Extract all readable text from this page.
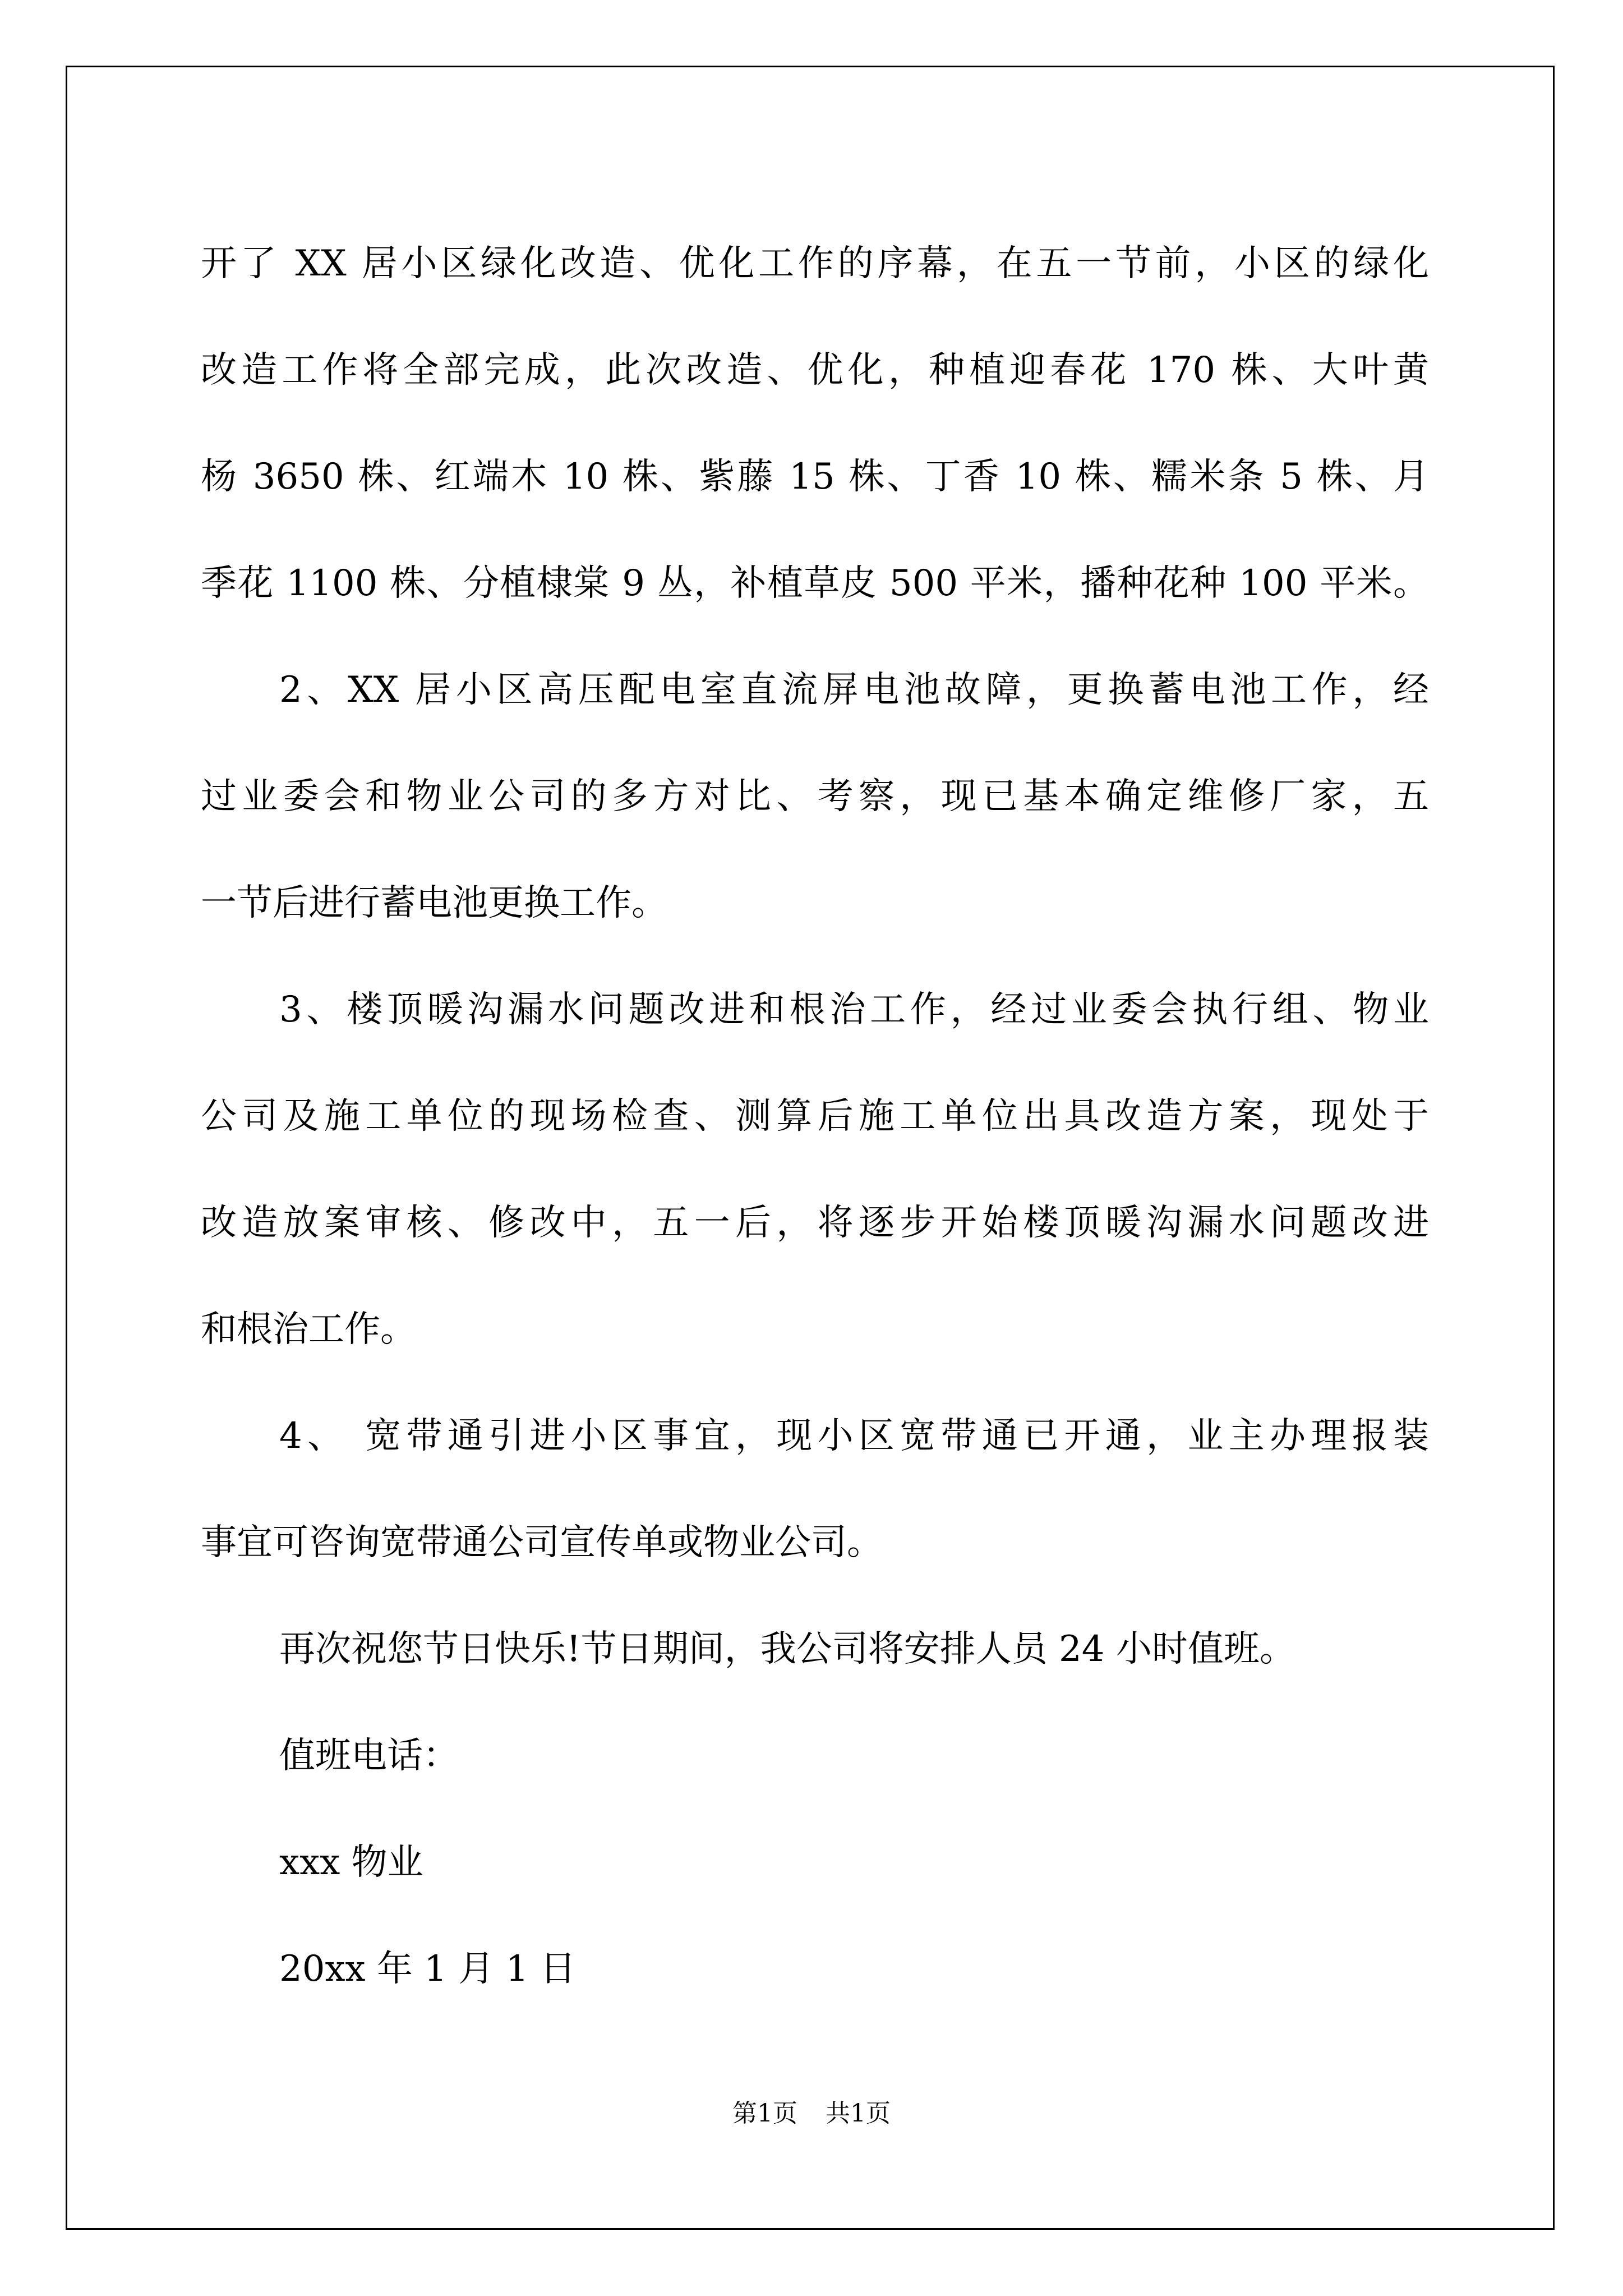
开了 XX 居小区绿化改造、优化工作的序幕，在五一节前，小区的绿化
改造工作将全部完成，此次改造、优化，种植迎春花 170 株、大叶黄
杨 3650 株、红端木 10 株、紫藤 15 株、丁香 10 株、糯米条 5 株、月
季花 1100 株、分植棣棠 9 丛，补植草皮 500 平米，播种花种 100 平米。
2、XX 居小区高压配电室直流屏电池故障，更换蓄电池工作，经
过业委会和物业公司的多方对比、考察，现已基本确定维修厂家，五
一节后进行蓄电池更换工作。
3、楼顶暖沟漏水问题改进和根治工作，经过业委会执行组、物业
公司及施工单位的现场检查、测算后施工单位出具改造方案，现处于
改造放案审核、修改中，五一后，将逐步开始楼顶暖沟漏水问题改进
和根治工作。
4、 宽带通引进小区事宜，现小区宽带通已开通，业主办理报装
事宜可咨询宽带通公司宣传单或物业公司。
再次祝您节日快乐!节日期间，我公司将安排人员 24 小时值班。
值班电话：
xxx 物业
20xx 年 1 月 1 日
第1页 共1页
